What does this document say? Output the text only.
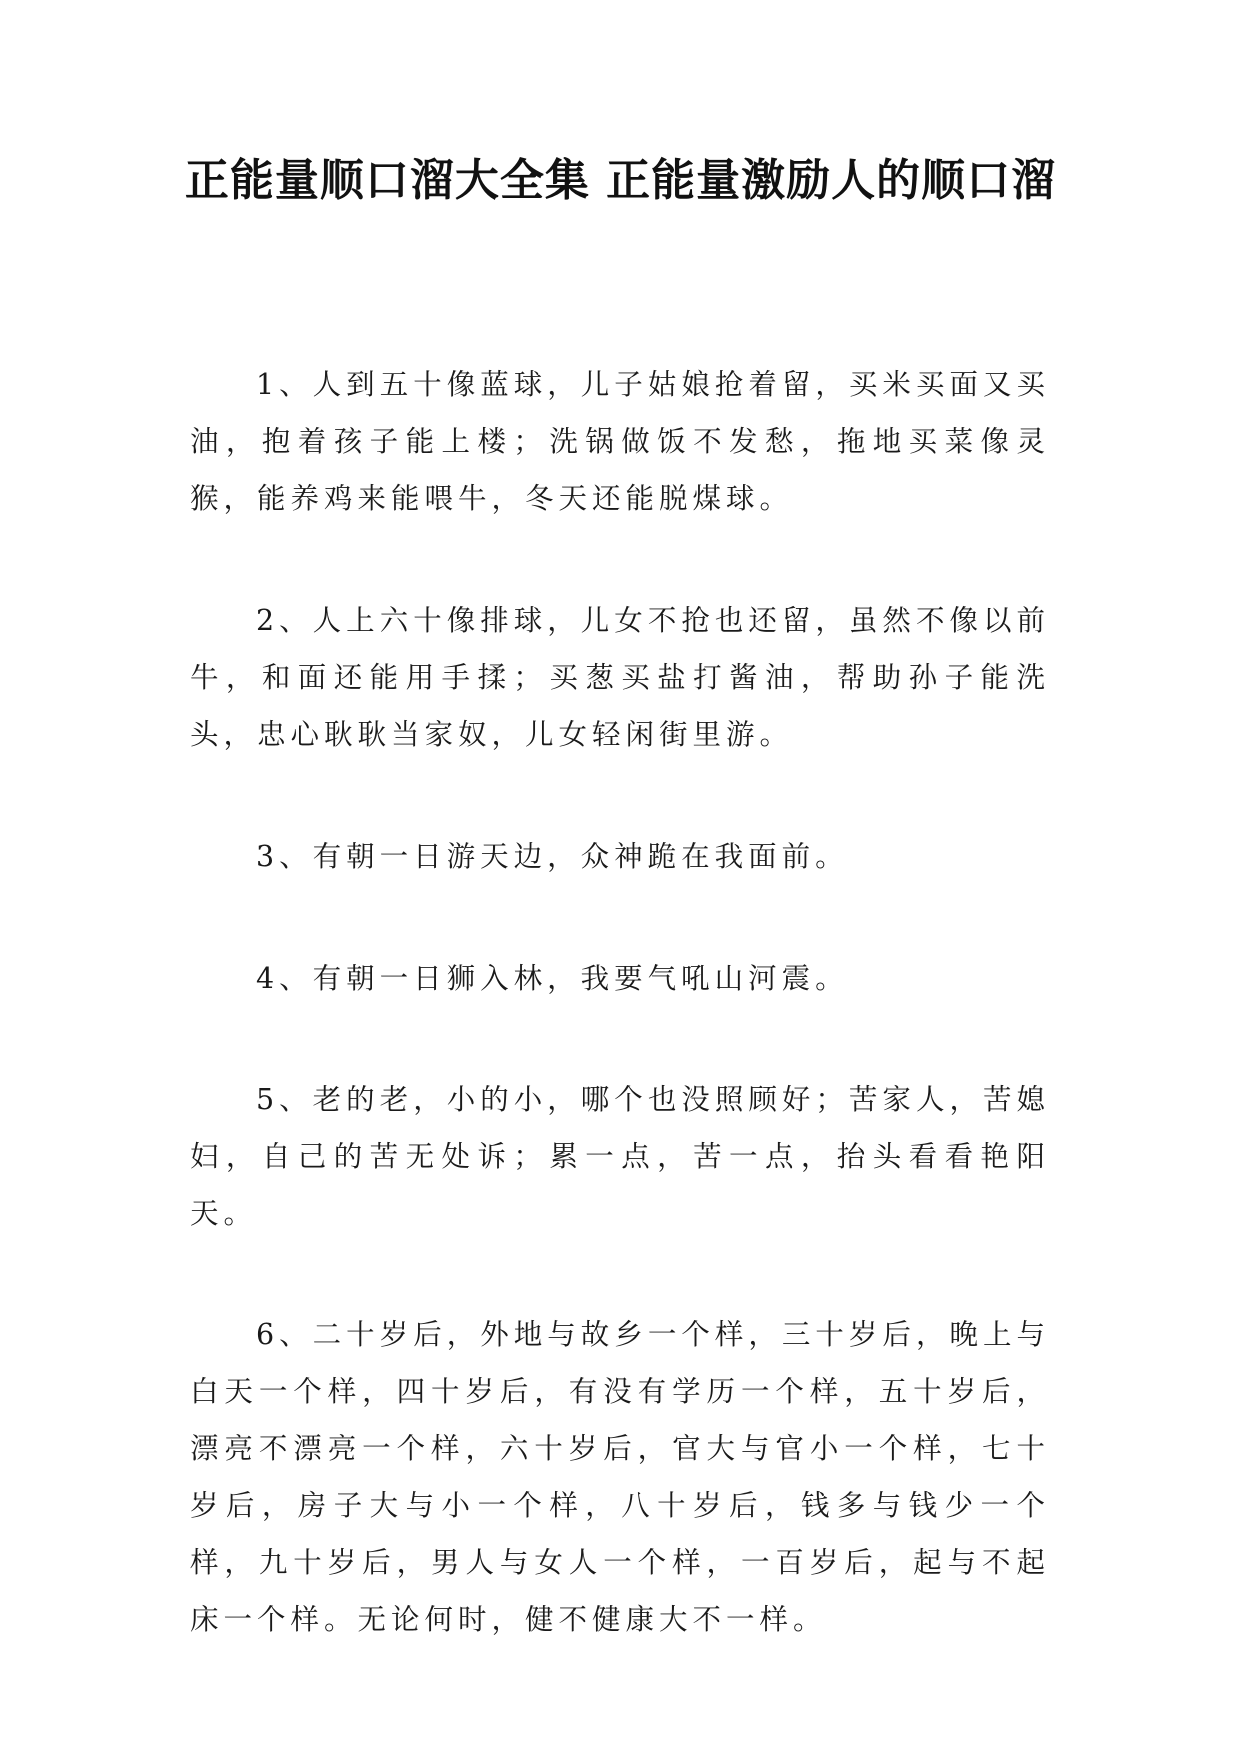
正能量顺口溜大全集 正能量激励人的顺口溜

1、人到五十像蓝球，儿子姑娘抢着留，买米买面又买油，抱着孩子能上楼；洗锅做饭不发愁，拖地买菜像灵猴，能养鸡来能喂牛，冬天还能脱煤球。

2、人上六十像排球，儿女不抢也还留，虽然不像以前牛，和面还能用手揉；买葱买盐打酱油，帮助孙子能洗头，忠心耿耿当家奴，儿女轻闲街里游。

3、有朝一日游天边，众神跪在我面前。

4、有朝一日狮入林，我要气吼山河震。

5、老的老，小的小，哪个也没照顾好；苦家人，苦媳妇，自己的苦无处诉；累一点，苦一点，抬头看看艳阳天。

6、二十岁后，外地与故乡一个样，三十岁后，晚上与白天一个样，四十岁后，有没有学历一个样，五十岁后，漂亮不漂亮一个样，六十岁后，官大与官小一个样，七十岁后，房子大与小一个样，八十岁后，钱多与钱少一个样，九十岁后，男人与女人一个样，一百岁后，起与不起床一个样。无论何时，健不健康大不一样。
